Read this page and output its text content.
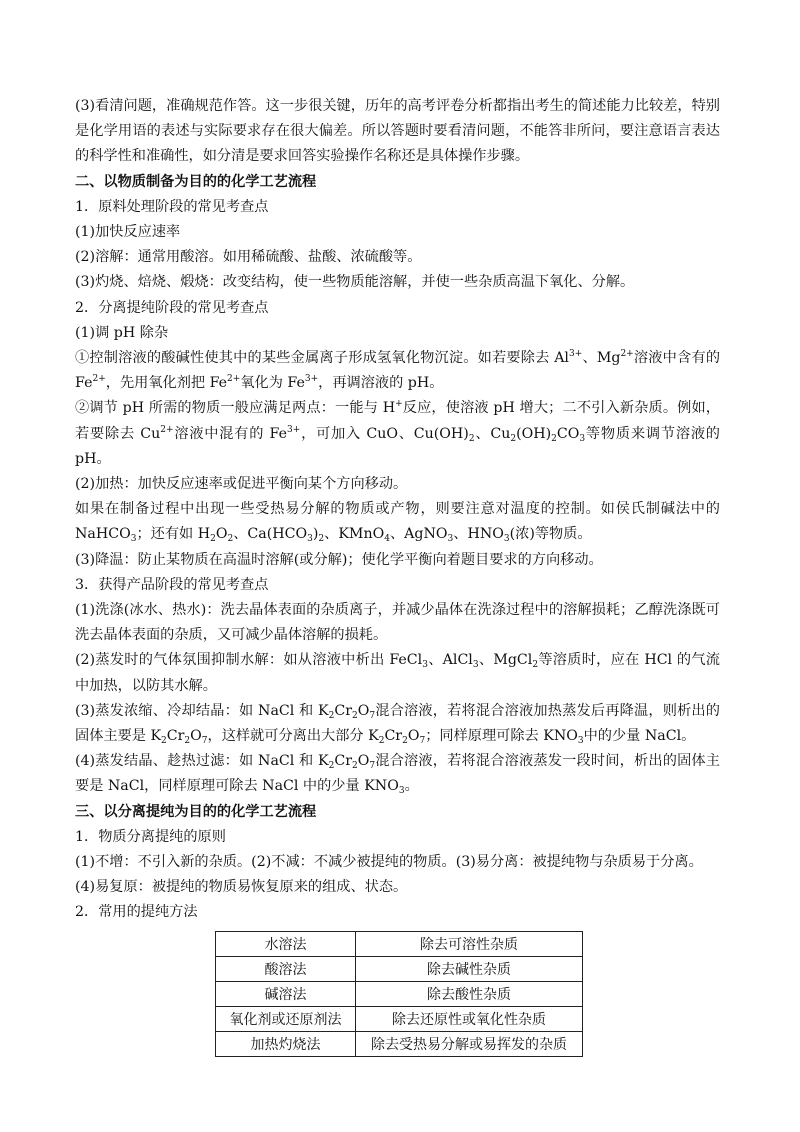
(3)看清问题，准确规范作答。这一步很关键，历年的高考评卷分析都指出考生的简述能力比较差，特别是化学用语的表述与实际要求存在很大偏差。所以答题时要看清问题，不能答非所问，要注意语言表达的科学性和准确性，如分清是要求回答实验操作名称还是具体操作步骤。
二、以物质制备为目的的化学工艺流程
1．原料处理阶段的常见考查点
(1)加快反应速率
(2)溶解：通常用酸溶。如用稀硫酸、盐酸、浓硫酸等。
(3)灼烧、焙烧、煅烧：改变结构，使一些物质能溶解，并使一些杂质高温下氧化、分解。
2．分离提纯阶段的常见考查点
(1)调 pH 除杂
①控制溶液的酸碱性使其中的某些金属离子形成氢氧化物沉淀。如若要除去 $Al^{3+}$、$Mg^{2+}$溶液中含有的 $Fe^{2+}$，先用氧化剂把 $Fe^{2+}$氧化为 $Fe^{3+}$，再调溶液的 pH。
②调节 pH 所需的物质一般应满足两点：一能与 H+反应，使溶液 pH 增大；二不引入新杂质。例如，若要除去 $Cu^{2+}$溶液中混有的 $Fe^{3+}$，可加入 CuO、$Cu(OH)_2$、$Cu_2(OH)_2CO_3$等物质来调节溶液的 pH。
(2)加热：加快反应速率或促进平衡向某个方向移动。
如果在制备过程中出现一些受热易分解的物质或产物，则要注意对温度的控制。如侯氏制碱法中的 NaHCO$_3$；还有如 $H_2O_2$、$Ca(HCO_3)_2$、KMnO$_4$、AgNO$_3$、$HNO_3$(浓)等物质。
(3)降温：防止某物质在高温时溶解(或分解)；使化学平衡向着题目要求的方向移动。
3．获得产品阶段的常见考查点
(1)洗涤(冰水、热水)：洗去晶体表面的杂质离子，并减少晶体在洗涤过程中的溶解损耗；乙醇洗涤既可洗去晶体表面的杂质，又可减少晶体溶解的损耗。
(2)蒸发时的气体氛围抑制水解：如从溶液中析出 FeCl$_3$、AlCl$_3$、MgCl$_2$等溶质时，应在 HCl 的气流中加热，以防其水解。
(3)蒸发浓缩、冷却结晶：如 NaCl 和 $K_2Cr_2O_7$混合溶液，若将混合溶液加热蒸发后再降温，则析出的固体主要是 $K_2Cr_2O_7$，这样就可分离出大部分 $K_2Cr_2O_7$；同样原理可除去 $KNO_3$中的少量 NaCl。
(4)蒸发结晶、趁热过滤：如 NaCl 和 $K_2Cr_2O_7$混合溶液，若将混合溶液蒸发一段时间，析出的固体主要是 NaCl，同样原理可除去 NaCl 中的少量 $KNO_3$。
三、以分离提纯为目的的化学工艺流程
1．物质分离提纯的原则
(1)不增：不引入新的杂质。(2)不减：不减少被提纯的物质。(3)易分离：被提纯物与杂质易于分离。
(4)易复原：被提纯的物质易恢复原来的组成、状态。
2．常用的提纯方法
水溶法	除去可溶性杂质
酸溶法	除去碱性杂质
碱溶法	除去酸性杂质
氧化剂或还原剂法	除去还原性或氧化性杂质
加热灼烧法	除去受热易分解或易挥发的杂质
